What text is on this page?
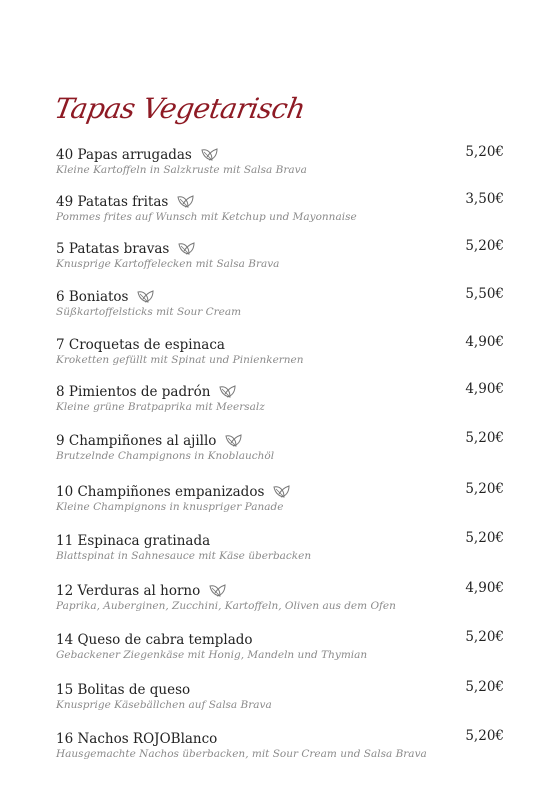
Tapas Vegetarisch
40 Papas arrugadas	5,20€
Kleine Kartoffeln in Salzkruste mit Salsa Brava
49 Patatas fritas	3,50€
Pommes frites auf Wunsch mit Ketchup und Mayonnaise
5 Patatas bravas	5,20€
Knusprige Kartoffelecken mit Salsa Brava
6 Boniatos	5,50€
Süßkartoffelsticks mit Sour Cream
7 Croquetas de espinaca	4,90€
Kroketten gefüllt mit Spinat und Pinienkernen
8 Pimientos de padrón	4,90€
Kleine grüne Bratpaprika mit Meersalz
9 Champiñones al ajillo	5,20€
Brutzelnde Champignons in Knoblauchöl
10 Champiñones empanizados	5,20€
Kleine Champignons in knuspriger Panade
11 Espinaca gratinada	5,20€
Blattspinat in Sahnesauce mit Käse überbacken
12 Verduras al horno	4,90€
Paprika, Auberginen, Zucchini, Kartoffeln, Oliven aus dem Ofen
14 Queso de cabra templado	5,20€
Gebackener Ziegenkäse mit Honig, Mandeln und Thymian
15 Bolitas de queso	5,20€
Knusprige Käsebällchen auf Salsa Brava
16 Nachos ROJOBlanco	5,20€
Hausgemachte Nachos überbacken, mit Sour Cream und Salsa Brava
